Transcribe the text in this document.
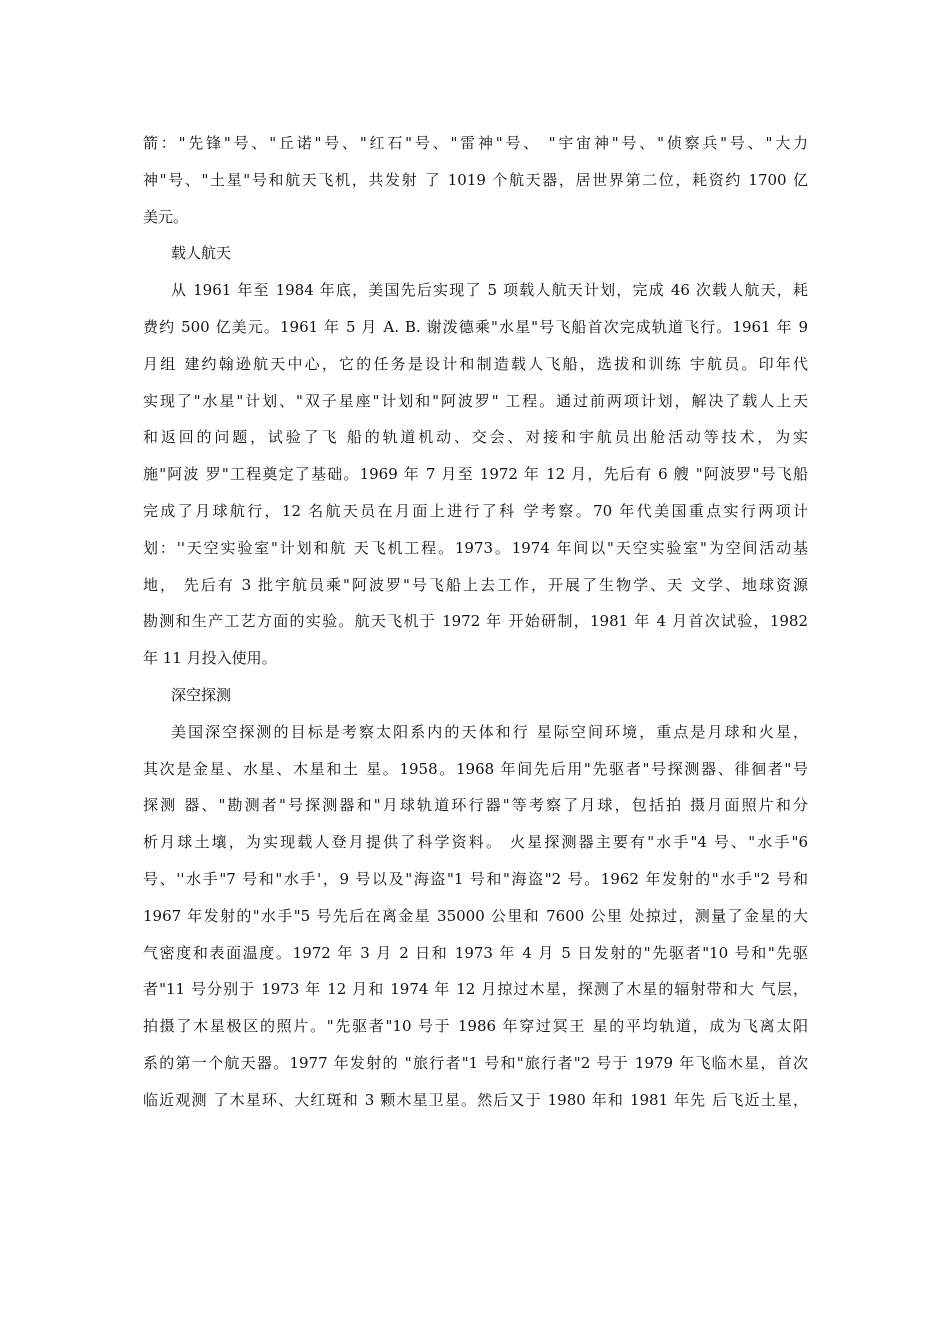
箭："先锋"号、"丘诺"号、"红石"号、"雷神"号、 "宇宙神"号、"侦察兵"号、"大力
神"号、"土星"号和航天飞机，共发射 了 1019 个航天器，居世界第二位，耗资约 1700 亿
美元。
载人航天
从 1961 年至 1984 年底，美国先后实现了 5 项载人航天计划，完成 46 次载人航天，耗
费约 500 亿美元。1961 年 5 月 A. B. 谢泼德乘"水星"号飞船首次完成轨道飞行。1961 年 9
月组 建约翰逊航天中心，它的任务是设计和制造载人飞船，选拔和训练 宇航员。印年代
实现了"水星"计划、"双子星座"计划和"阿波罗" 工程。通过前两项计划，解决了载人上天
和返回的问题，试验了飞 船的轨道机动、交会、对接和宇航员出舱活动等技术，为实
施"阿波 罗"工程奠定了基础。1969 年 7 月至 1972 年 12 月，先后有 6 艘 "阿波罗"号飞船
完成了月球航行，12 名航天员在月面上进行了科 学考察。70 年代美国重点实行两项计
划：''天空实验室"计划和航 天飞机工程。1973。1974 年间以"天空实验室"为空间活动基
地， 先后有 3 批宇航员乘"阿波罗"号飞船上去工作，开展了生物学、天 文学、地球资源
勘测和生产工艺方面的实验。航天飞机于 1972 年 开始研制，1981 年 4 月首次试验，1982
年 11 月投入使用。
深空探测
美国深空探测的目标是考察太阳系内的天体和行 星际空间环境，重点是月球和火星，
其次是金星、水星、木星和土 星。1958。1968 年间先后用"先驱者"号探测器、徘徊者"号
探测 器、"勘测者"号探测器和"月球轨道环行器"等考察了月球，包括拍 摄月面照片和分
析月球土壤，为实现载人登月提供了科学资料。 火星探测器主要有"水手"4 号、"水手"6
号、''水手"7 号和"水手'，9 号以及"海盗"1 号和"海盗"2 号。1962 年发射的"水手"2 号和
1967 年发射的"水手"5 号先后在离金星 35000 公里和 7600 公里 处掠过，测量了金星的大
气密度和表面温度。1972 年 3 月 2 日和 1973 年 4 月 5 日发射的"先驱者"10 号和"先驱
者"11 号分别于 1973 年 12 月和 1974 年 12 月掠过木星，探测了木星的辐射带和大 气层，
拍摄了木星极区的照片。"先驱者"10 号于 1986 年穿过冥王 星的平均轨道，成为飞离太阳
系的第一个航天器。1977 年发射的 "旅行者"1 号和"旅行者"2 号于 1979 年飞临木星，首次
临近观测 了木星环、大红斑和 3 颗木星卫星。然后又于 1980 年和 1981 年先 后飞近土星，
